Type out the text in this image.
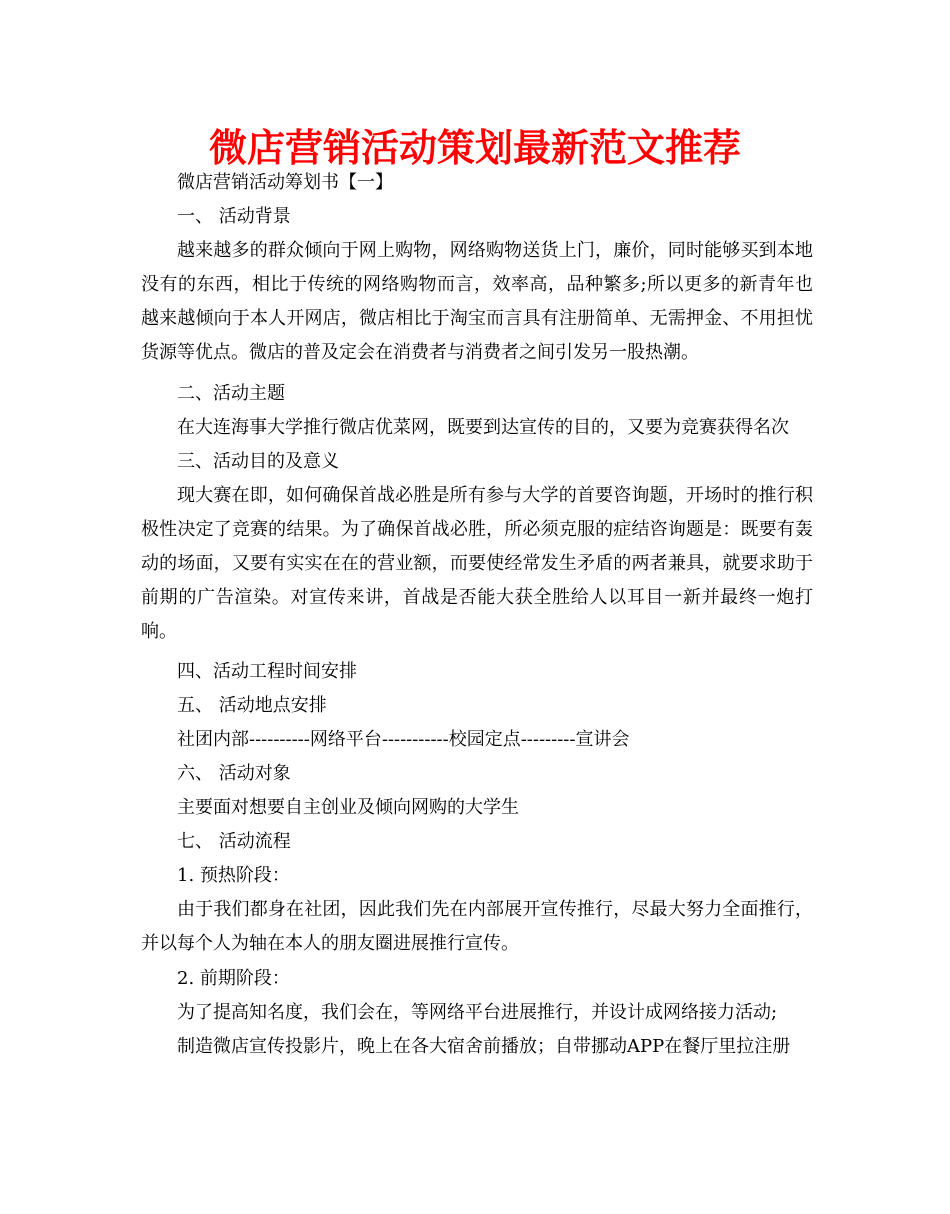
微店营销活动策划最新范文推荐
微店营销活动筹划书【一】
一、 活动背景

越来越多的群众倾向于网上购物，网络购物送货上门，廉价，同时能够买到本地没有的东西，相比于传统的网络购物而言，效率高，品种繁多;所以更多的新青年也越来越倾向于本人开网店，微店相比于淘宝而言具有注册简单、无需押金、不用担忧货源等优点。微店的普及定会在消费者与消费者之间引发另一股热潮。

二、活动主题
在大连海事大学推行微店优菜网，既要到达宣传的目的，又要为竞赛获得名次
三、活动目的及意义

现大赛在即，如何确保首战必胜是所有参与大学的首要咨询题，开场时的推行积极性决定了竞赛的结果。为了确保首战必胜，所必须克服的症结咨询题是：既要有轰动的场面，又要有实实在在的营业额，而要使经常发生矛盾的两者兼具，就要求助于前期的广告渲染。对宣传来讲，首战是否能大获全胜给人以耳目一新并最终一炮打响。

四、活动工程时间安排
五、 活动地点安排
社团内部----------网络平台-----------校园定点---------宣讲会
六、 活动对象
主要面对想要自主创业及倾向网购的大学生
七、 活动流程
1. 预热阶段：

由于我们都身在社团，因此我们先在内部展开宣传推行，尽最大努力全面推行，并以每个人为轴在本人的朋友圈进展推行宣传。

2. 前期阶段：
为了提高知名度，我们会在，等网络平台进展推行，并设计成网络接力活动;
制造微店宣传投影片，晚上在各大宿舍前播放；自带挪动APP在餐厅里拉注册
